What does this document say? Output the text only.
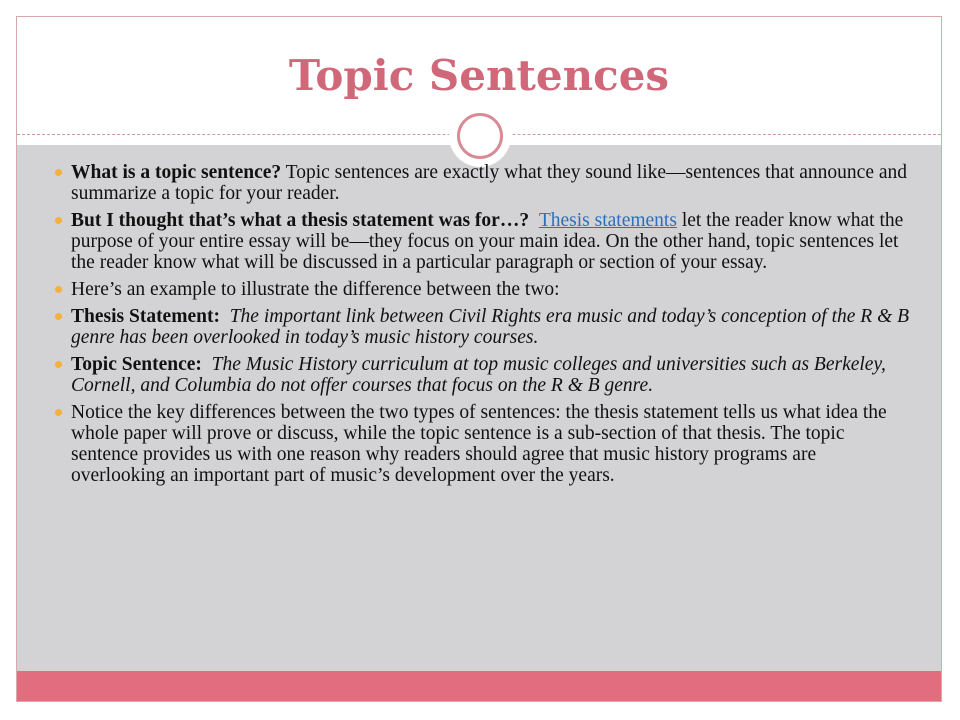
Topic Sentences
What is a topic sentence? Topic sentences are exactly what they sound like—sentences that announce and summarize a topic for your reader.
But I thought that’s what a thesis statement was for…? Thesis statements let the reader know what the purpose of your entire essay will be—they focus on your main idea. On the other hand, topic sentences let the reader know what will be discussed in a particular paragraph or section of your essay.
Here’s an example to illustrate the difference between the two:
Thesis Statement: The important link between Civil Rights era music and today’s conception of the R & B genre has been overlooked in today’s music history courses.
Topic Sentence: The Music History curriculum at top music colleges and universities such as Berkeley, Cornell, and Columbia do not offer courses that focus on the R & B genre.
Notice the key differences between the two types of sentences: the thesis statement tells us what idea the whole paper will prove or discuss, while the topic sentence is a sub-section of that thesis. The topic sentence provides us with one reason why readers should agree that music history programs are overlooking an important part of music’s development over the years.
